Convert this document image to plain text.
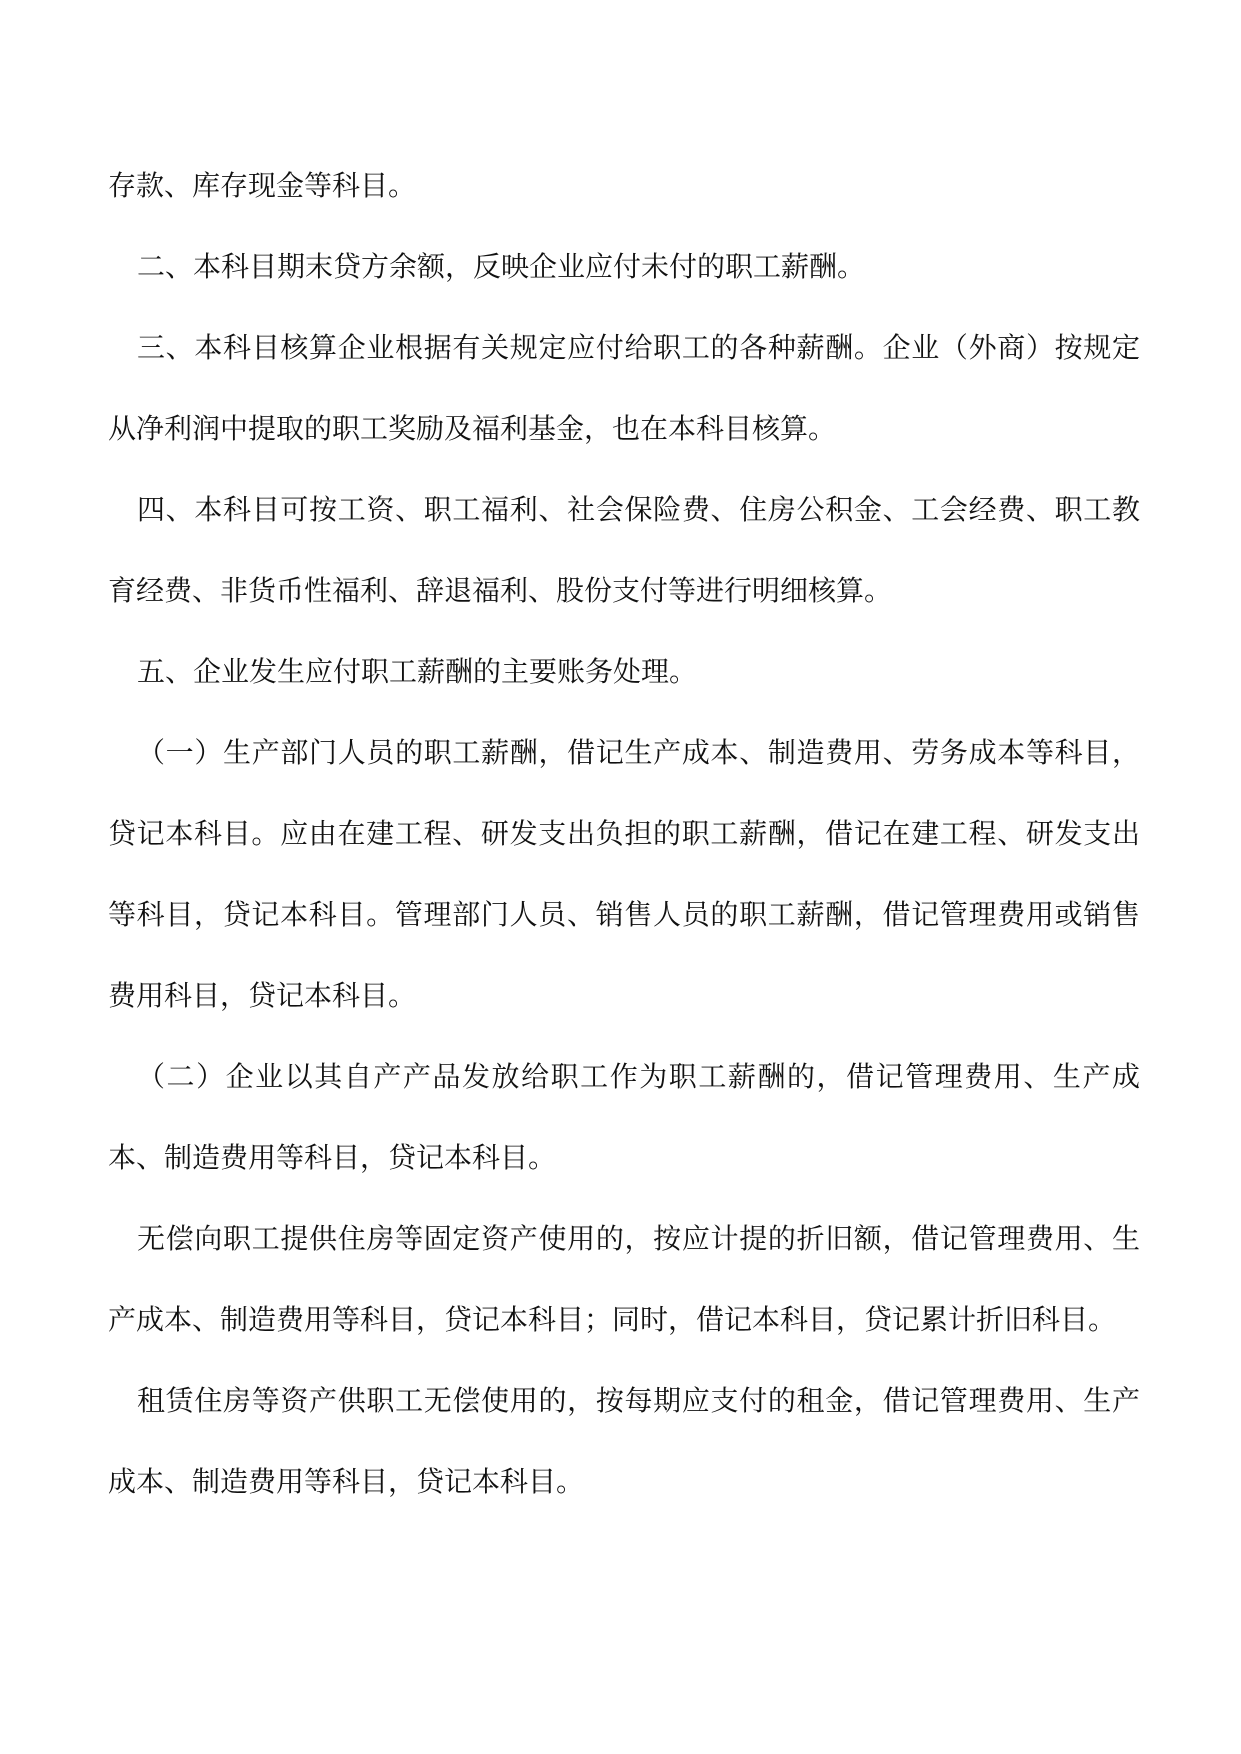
存款、库存现金等科目。

二、本科目期末贷方余额，反映企业应付未付的职工薪酬。

三、本科目核算企业根据有关规定应付给职工的各种薪酬。企业（外商）按规定从净利润中提取的职工奖励及福利基金，也在本科目核算。

四、本科目可按工资、职工福利、社会保险费、住房公积金、工会经费、职工教育经费、非货币性福利、辞退福利、股份支付等进行明细核算。

五、企业发生应付职工薪酬的主要账务处理。

（一）生产部门人员的职工薪酬，借记生产成本、制造费用、劳务成本等科目，贷记本科目。应由在建工程、研发支出负担的职工薪酬，借记在建工程、研发支出等科目，贷记本科目。管理部门人员、销售人员的职工薪酬，借记管理费用或销售费用科目，贷记本科目。

（二）企业以其自产产品发放给职工作为职工薪酬的，借记管理费用、生产成本、制造费用等科目，贷记本科目。

无偿向职工提供住房等固定资产使用的，按应计提的折旧额，借记管理费用、生产成本、制造费用等科目，贷记本科目；同时，借记本科目，贷记累计折旧科目。

租赁住房等资产供职工无偿使用的，按每期应支付的租金，借记管理费用、生产成本、制造费用等科目，贷记本科目。
